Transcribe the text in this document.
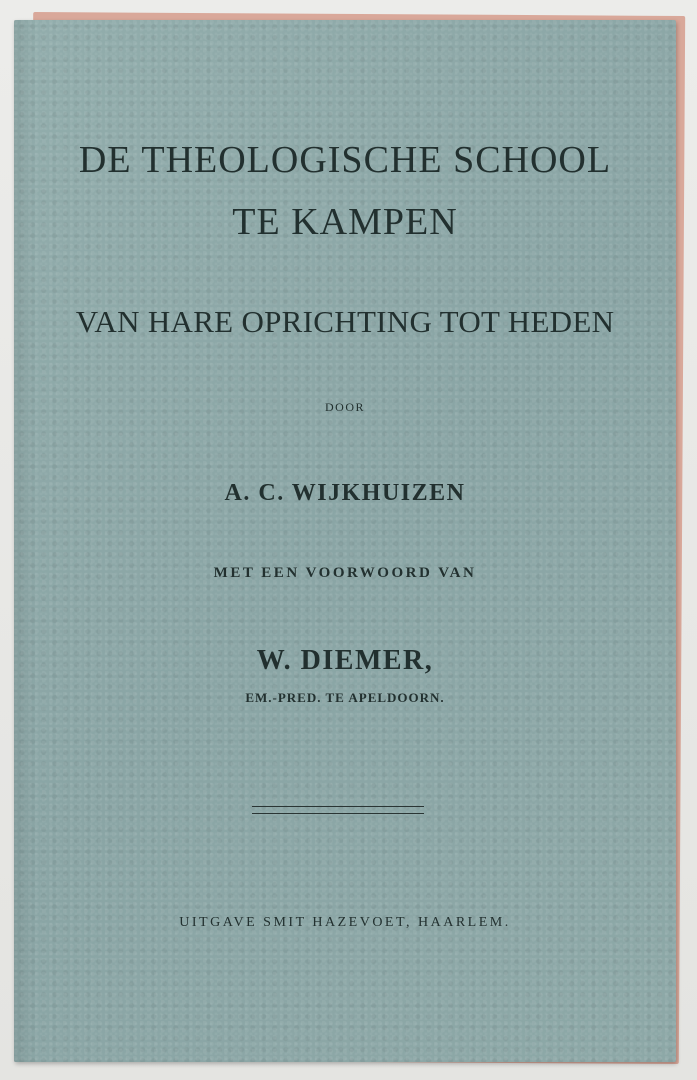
DE THEOLOGISCHE SCHOOL
TE KAMPEN
VAN HARE OPRICHTING TOT HEDEN
DOOR
A. C. WIJKHUIZEN
MET EEN VOORWOORD VAN
W. DIEMER,
EM.-PRED. TE APELDOORN.
UITGAVE SMIT HAZEVOET, HAARLEM.
